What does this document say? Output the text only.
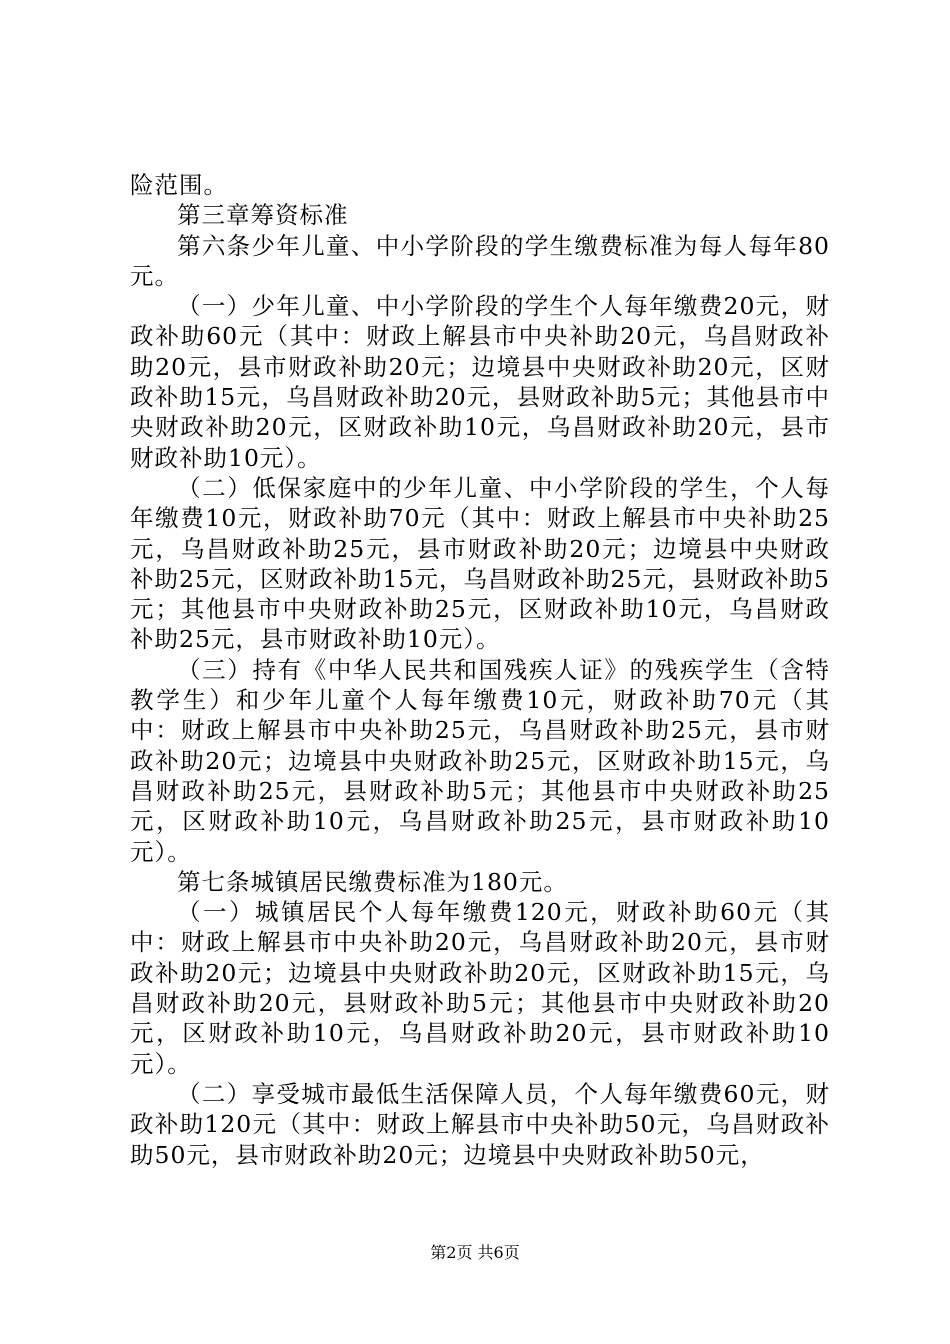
险范围。

第三章筹资标准

第六条少年儿童、中小学阶段的学生缴费标准为每人每年80元。

（一）少年儿童、中小学阶段的学生个人每年缴费20元，财政补助60元（其中：财政上解县市中央补助20元，乌昌财政补助20元，县市财政补助20元；边境县中央财政补助20元，区财政补助15元，乌昌财政补助20元，县财政补助5元；其他县市中央财政补助20元，区财政补助10元，乌昌财政补助20元，县市财政补助10元）。

（二）低保家庭中的少年儿童、中小学阶段的学生，个人每年缴费10元，财政补助70元（其中：财政上解县市中央补助25元，乌昌财政补助25元，县市财政补助20元；边境县中央财政补助25元，区财政补助15元，乌昌财政补助25元，县财政补助5元；其他县市中央财政补助25元，区财政补助10元，乌昌财政补助25元，县市财政补助10元）。

（三）持有《中华人民共和国残疾人证》的残疾学生（含特教学生）和少年儿童个人每年缴费10元，财政补助70元（其中：财政上解县市中央补助25元，乌昌财政补助25元，县市财政补助20元；边境县中央财政补助25元，区财政补助15元，乌昌财政补助25元，县财政补助5元；其他县市中央财政补助25元，区财政补助10元，乌昌财政补助25元，县市财政补助10元）。

第七条城镇居民缴费标准为180元。

（一）城镇居民个人每年缴费120元，财政补助60元（其中：财政上解县市中央补助20元，乌昌财政补助20元，县市财政补助20元；边境县中央财政补助20元，区财政补助15元，乌昌财政补助20元，县财政补助5元；其他县市中央财政补助20元，区财政补助10元，乌昌财政补助20元，县市财政补助10元）。

（二）享受城市最低生活保障人员，个人每年缴费60元，财政补助120元（其中：财政上解县市中央补助50元，乌昌财政补助50元，县市财政补助20元；边境县中央财政补助50元，

第2页 共6页
